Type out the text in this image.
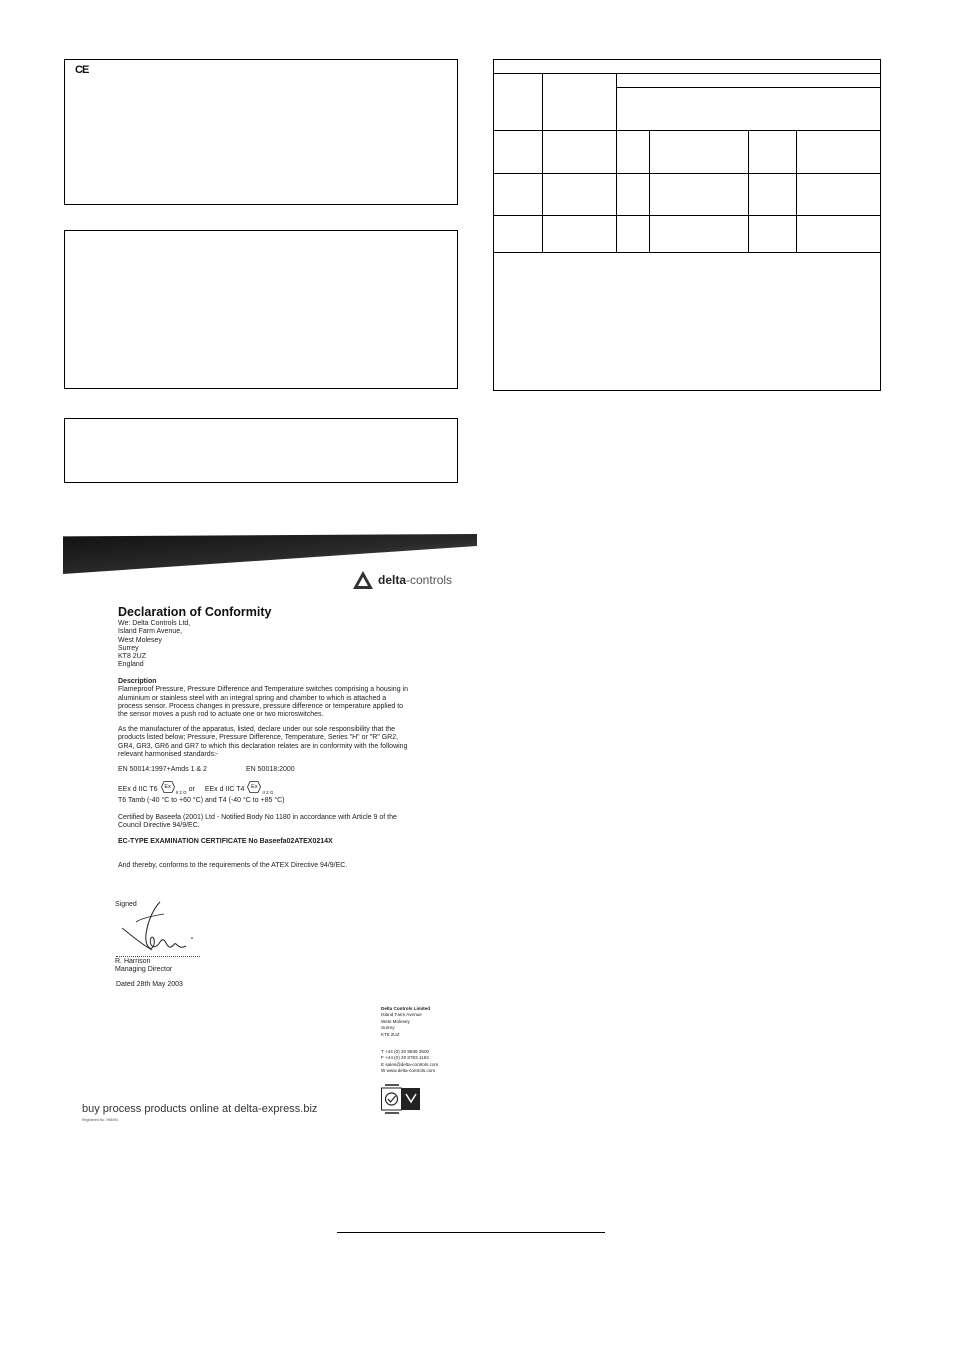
CE
delta-controls
Declaration of Conformity
We: Delta Controls Ltd,
Island Farm Avenue,
West Molesey
Surrey
KT8 2UZ
England
Description
Flameproof Pressure, Pressure Difference and Temperature switches comprising a housing in
aluminium or stainless steel with an integral spring and chamber to which is attached a
process sensor. Process changes in pressure, pressure difference or temperature applied to
the sensor moves a push rod to actuate one or two microswitches.
As the manufacturer of the apparatus, listed, declare under our sole responsibility that the
products listed below; Pressure, Pressure Difference, Temperature, Series "H" or "R" GR2,
GR4, GR3, GR6 and GR7 to which this declaration relates are in conformity with the following
relevant harmonised standards:-
EN 50014:1997+Amds 1 & 2	EN 50018:2000
EEx d IIC T6 Ex
II 2 G or EEx d IIC T4 Ex
II 2 G
T6 Tamb (-40 °C to +60 °C) and T4 (-40 °C to +85 °C)
Certified by Baseefa (2001) Ltd - Notified Body No 1180 in accordance with Article 9 of the
Council Directive 94/9/EC.
EC-TYPE EXAMINATION CERTIFICATE No Baseefa02ATEX0214X
And thereby, conforms to the requirements of the ATEX Directive 94/9/EC.
Signed
R. Harrison
Managing Director
Dated 28th May 2003
Delta Controls Limited
Island Farm Avenue
West Molesey
Surrey
KT8 2UZ
T +44 (0) 20 8939 3500
F +44 (0) 20 8783 1163
E sales@delta-controls.com
W www.delta-controls.com
buy process products online at delta-express.biz
Registered No. 998494
